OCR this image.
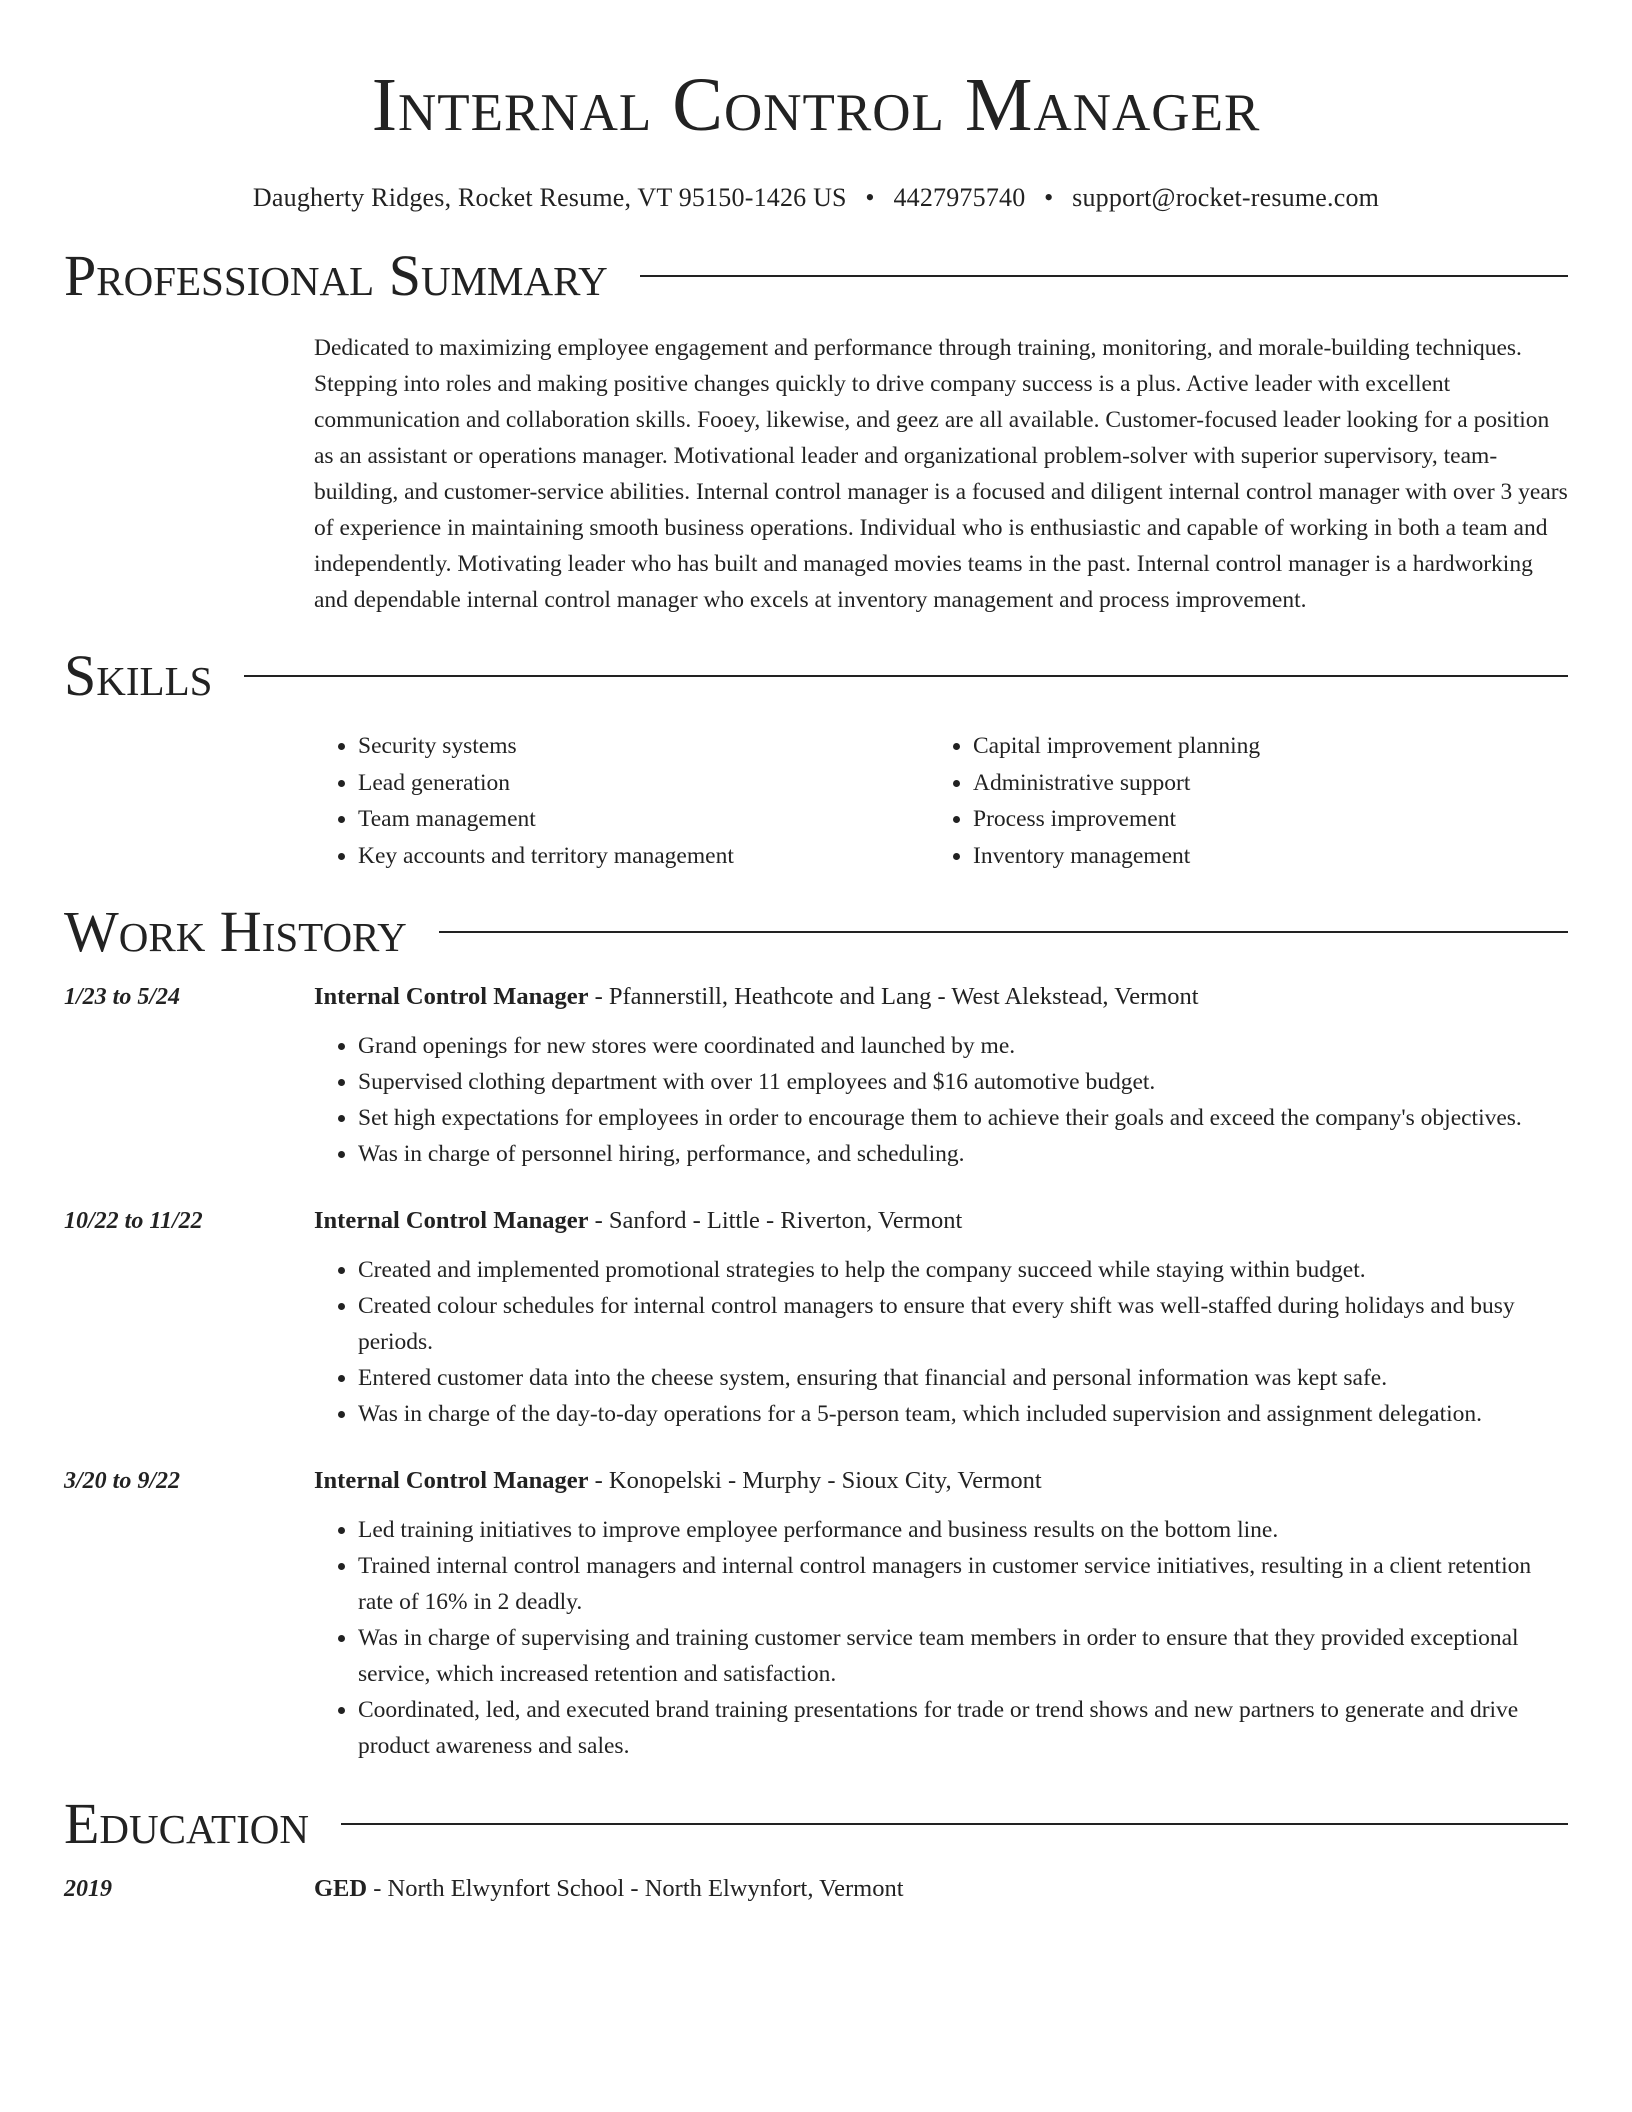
Internal Control Manager
Daugherty Ridges, Rocket Resume, VT 95150-1426 US • 4427975740 • support@rocket-resume.com
Professional Summary
Dedicated to maximizing employee engagement and performance through training, monitoring, and morale-building techniques. Stepping into roles and making positive changes quickly to drive company success is a plus. Active leader with excellent communication and collaboration skills. Fooey, likewise, and geez are all available. Customer-focused leader looking for a position as an assistant or operations manager. Motivational leader and organizational problem-solver with superior supervisory, team-building, and customer-service abilities. Internal control manager is a focused and diligent internal control manager with over 3 years of experience in maintaining smooth business operations. Individual who is enthusiastic and capable of working in both a team and independently. Motivating leader who has built and managed movies teams in the past. Internal control manager is a hardworking and dependable internal control manager who excels at inventory management and process improvement.
Skills
• Security systems
• Lead generation
• Team management
• Key accounts and territory management
• Capital improvement planning
• Administrative support
• Process improvement
• Inventory management
Work History
1/23 to 5/24	Internal Control Manager - Pfannerstill, Heathcote and Lang - West Alekstead, Vermont
• Grand openings for new stores were coordinated and launched by me.
• Supervised clothing department with over 11 employees and $16 automotive budget.
• Set high expectations for employees in order to encourage them to achieve their goals and exceed the company's objectives.
• Was in charge of personnel hiring, performance, and scheduling.
10/22 to 11/22	Internal Control Manager - Sanford - Little - Riverton, Vermont
• Created and implemented promotional strategies to help the company succeed while staying within budget.
• Created colour schedules for internal control managers to ensure that every shift was well-staffed during holidays and busy periods.
• Entered customer data into the cheese system, ensuring that financial and personal information was kept safe.
• Was in charge of the day-to-day operations for a 5-person team, which included supervision and assignment delegation.
3/20 to 9/22	Internal Control Manager - Konopelski - Murphy - Sioux City, Vermont
• Led training initiatives to improve employee performance and business results on the bottom line.
• Trained internal control managers and internal control managers in customer service initiatives, resulting in a client retention rate of 16% in 2 deadly.
• Was in charge of supervising and training customer service team members in order to ensure that they provided exceptional service, which increased retention and satisfaction.
• Coordinated, led, and executed brand training presentations for trade or trend shows and new partners to generate and drive product awareness and sales.
Education
2019	GED - North Elwynfort School - North Elwynfort, Vermont
